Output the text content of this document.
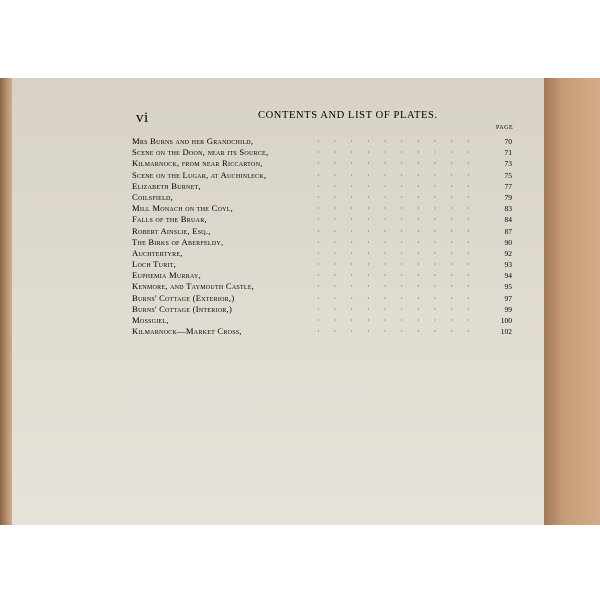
vi	CONTENTS AND LIST OF PLATES.
PAGE
Mrs Burns and her Grandchild,	··········	70
Scene on the Doon, near its Source,	··········	71
Kilmarnock, from near Riccarton,	··········	73
Scene on the Lugar, at Auchinleck,	··········	75
Elizabeth Burnet,	··········	77
Coilsfield,	··········	79
Mill Monach on the Coyl,	··········	83
Falls of the Bruar,	··········	84
Robert Ainslie, Esq.,	··········	87
The Birks of Aberfeldy,	··········	90
Auchtertyre,	··········	92
Loch Turit,	··········	93
Euphemia Murray,	··········	94
Kenmore, and Taymouth Castle,	··········	95
Burns' Cottage (Exterior,)	··········	97
Burns' Cottage (Interior,)	··········	99
Mossgiel,	··········	100
Kilmarnock—Market Cross,	··········	102
